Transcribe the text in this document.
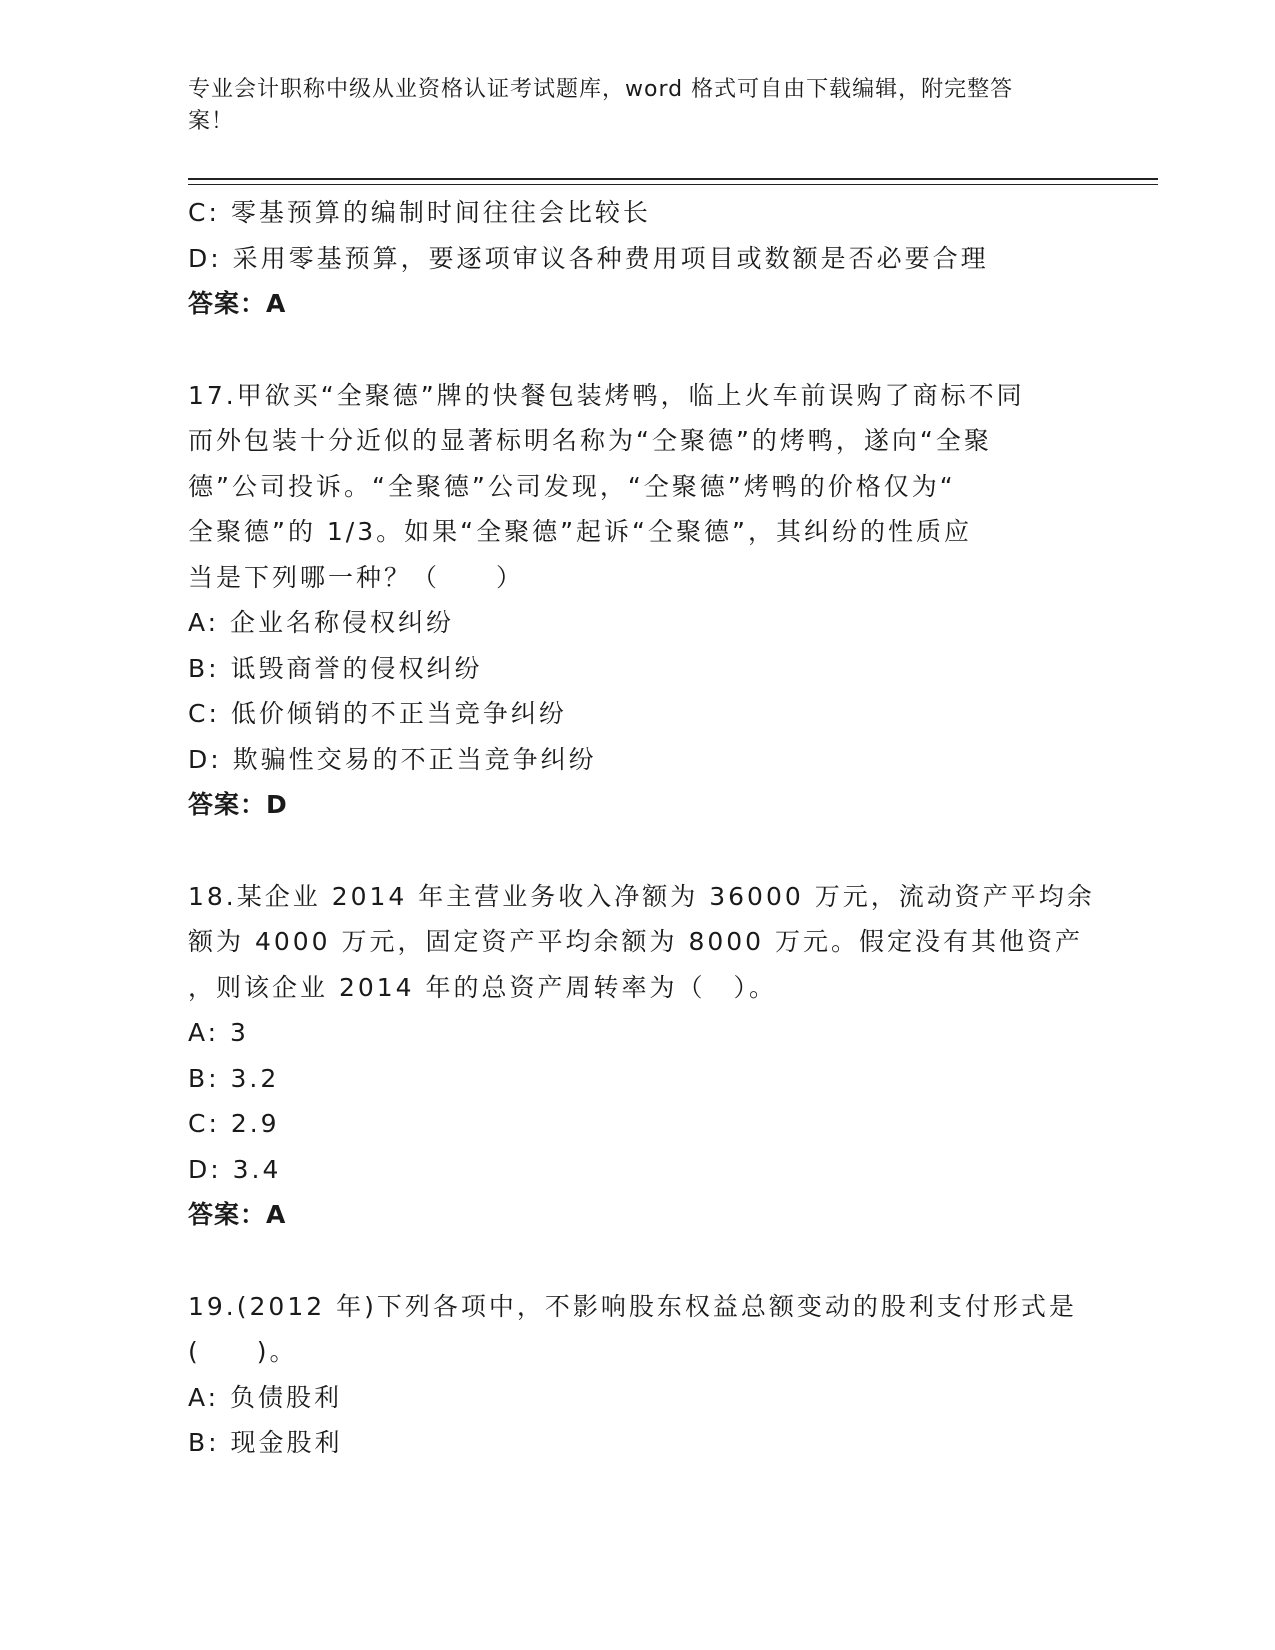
专业会计职称中级从业资格认证考试题库，word 格式可自由下载编辑，附完整答
案！
C: 零基预算的编制时间往往会比较长
D: 采用零基预算，要逐项审议各种费用项目或数额是否必要合理
答案：A
17.甲欲买“全聚德”牌的快餐包装烤鸭，临上火车前误购了商标不同
而外包装十分近似的显著标明名称为“仝聚德”的烤鸭，遂向“全聚
德”公司投诉。“全聚德”公司发现，“仝聚德”烤鸭的价格仅为“
全聚德”的 1/3。如果“全聚德”起诉“仝聚德”，其纠纷的性质应
当是下列哪一种？（　　）
A: 企业名称侵权纠纷
B: 诋毁商誉的侵权纠纷
C: 低价倾销的不正当竞争纠纷
D: 欺骗性交易的不正当竞争纠纷
答案：D
18.某企业 2014 年主营业务收入净额为 36000 万元，流动资产平均余
额为 4000 万元，固定资产平均余额为 8000 万元。假定没有其他资产
，则该企业 2014 年的总资产周转率为（　）。
A: 3
B: 3.2
C: 2.9
D: 3.4
答案：A
19.(2012 年)下列各项中，不影响股东权益总额变动的股利支付形式是
(　　)。
A: 负债股利
B: 现金股利
